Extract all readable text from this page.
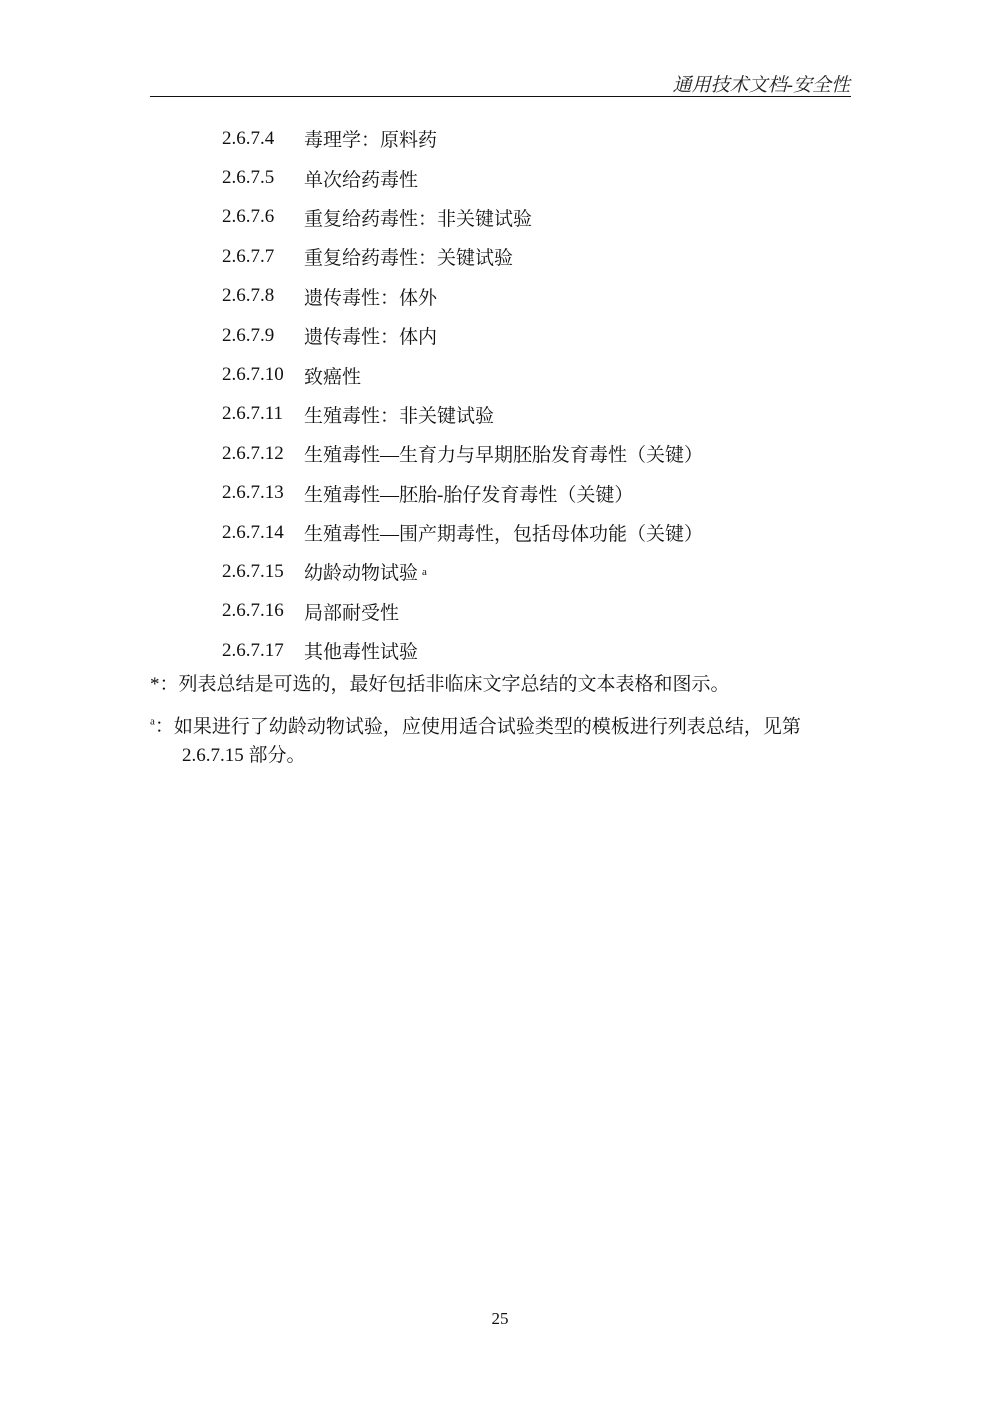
通用技术文档-安全性
2.6.7.4	毒理学：原料药
2.6.7.5	单次给药毒性
2.6.7.6	重复给药毒性：非关键试验
2.6.7.7	重复给药毒性：关键试验
2.6.7.8	遗传毒性：体外
2.6.7.9	遗传毒性：体内
2.6.7.10	致癌性
2.6.7.11	生殖毒性：非关键试验
2.6.7.12	生殖毒性—生育力与早期胚胎发育毒性（关键）
2.6.7.13	生殖毒性—胚胎-胎仔发育毒性（关键）
2.6.7.14	生殖毒性—围产期毒性，包括母体功能（关键）
2.6.7.15	幼龄动物试验 a
2.6.7.16	局部耐受性
2.6.7.17	其他毒性试验
*：列表总结是可选的，最好包括非临床文字总结的文本表格和图示。
$^a$：如果进行了幼龄动物试验，应使用适合试验类型的模板进行列表总结，见第
2.6.7.15 部分。
25
